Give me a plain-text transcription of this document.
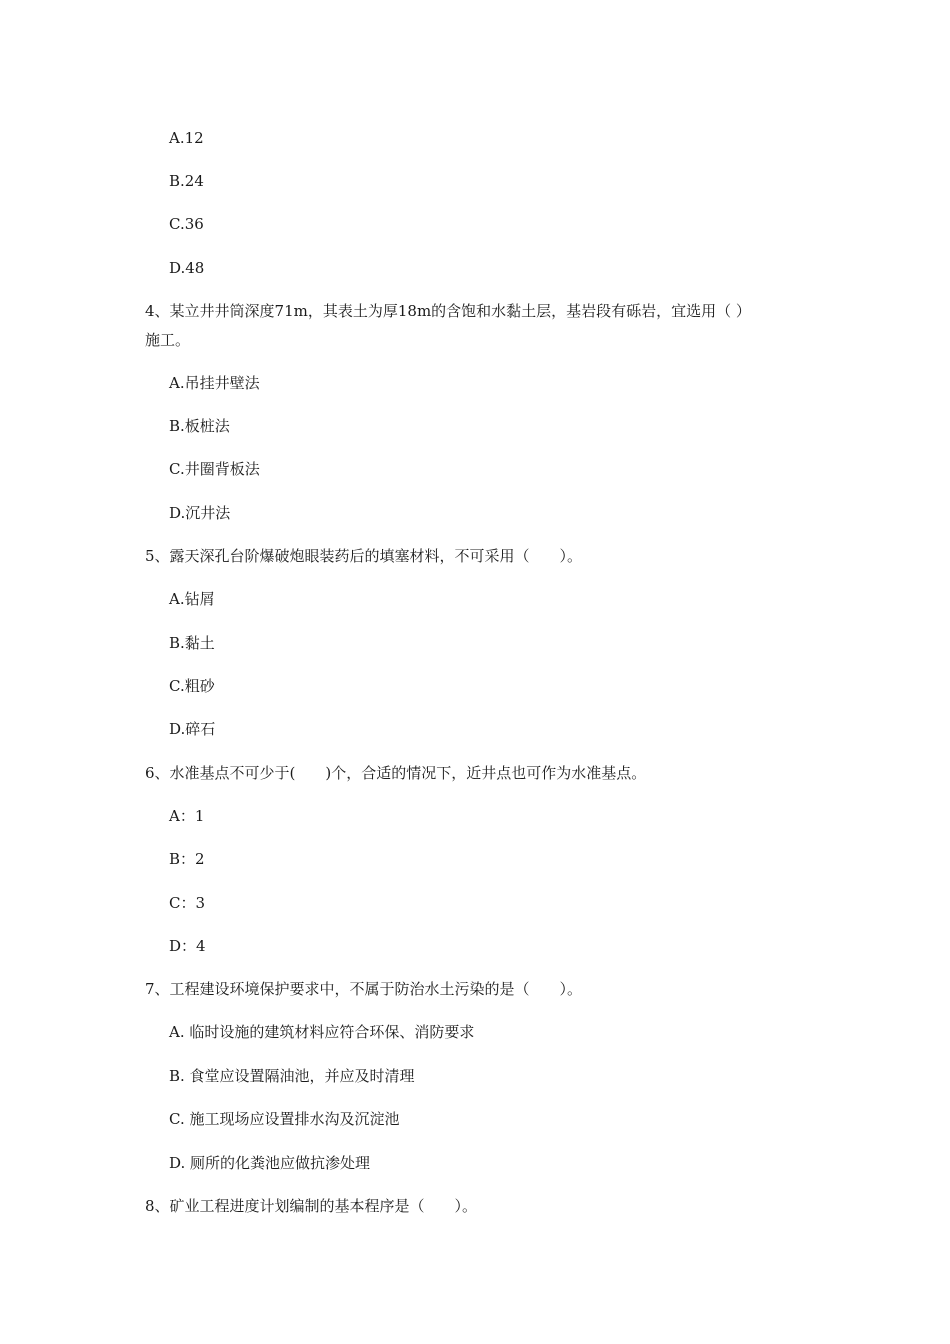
A.12
B.24
C.36
D.48
4、某立井井筒深度71m，其表土为厚18m的含饱和水黏土层，基岩段有砾岩，宜选用（ ）
施工。
A.吊挂井壁法
B.板桩法
C.井圈背板法
D.沉井法
5、露天深孔台阶爆破炮眼装药后的填塞材料，不可采用（　　）。
A.钻屑
B.黏土
C.粗砂
D.碎石
6、水准基点不可少于(　　)个，合适的情况下，近井点也可作为水准基点。
A：1
B：2
C：3
D：4
7、工程建设环境保护要求中，不属于防治水土污染的是（　　）。
A. 临时设施的建筑材料应符合环保、消防要求
B. 食堂应设置隔油池，并应及时清理
C. 施工现场应设置排水沟及沉淀池
D. 厕所的化粪池应做抗渗处理
8、矿业工程进度计划编制的基本程序是（　　）。
